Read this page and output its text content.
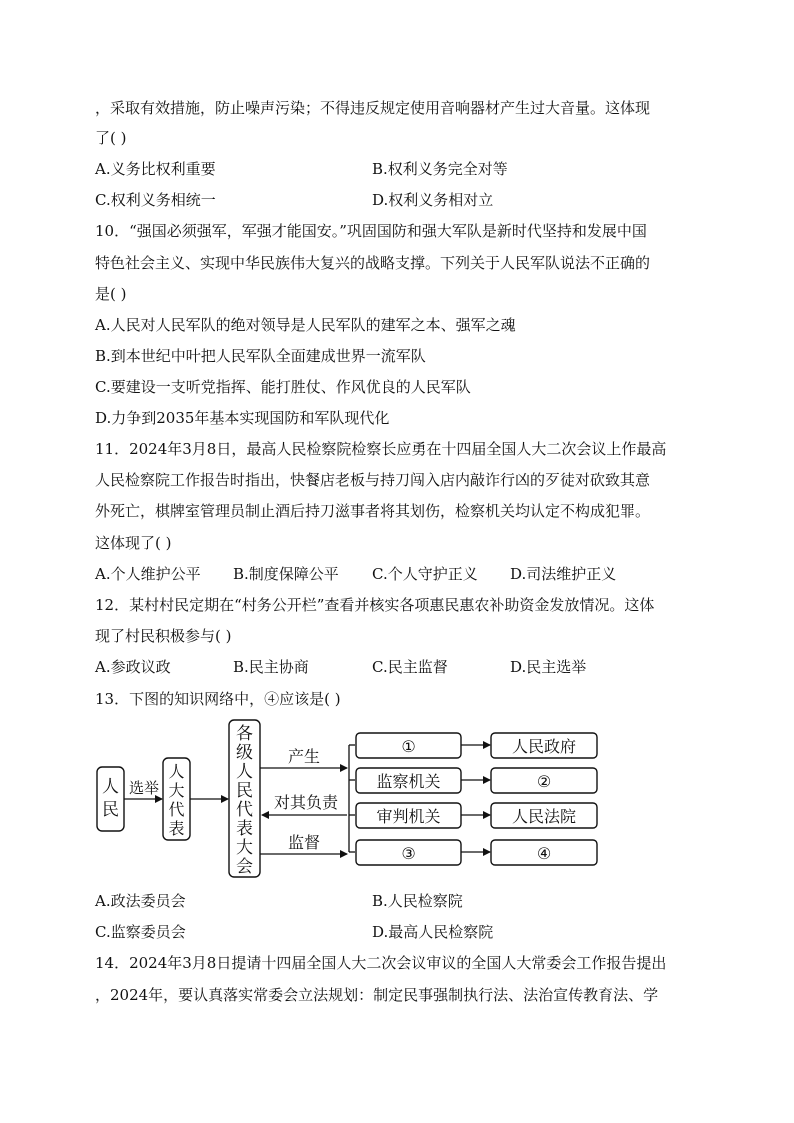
，采取有效措施，防止噪声污染；不得违反规定使用音响器材产生过大音量。这体现
了( )
A.义务比权利重要	B.权利义务完全对等
C.权利义务相统一	D.权利义务相对立
10．“强国必须强军，军强才能国安。”巩固国防和强大军队是新时代坚持和发展中国
特色社会主义、实现中华民族伟大复兴的战略支撑。下列关于人民军队说法不正确的
是( )
A.人民对人民军队的绝对领导是人民军队的建军之本、强军之魂
B.到本世纪中叶把人民军队全面建成世界一流军队
C.要建设一支听党指挥、能打胜仗、作风优良的人民军队
D.力争到2035年基本实现国防和军队现代化
11．2024年3月8日，最高人民检察院检察长应勇在十四届全国人大二次会议上作最高
人民检察院工作报告时指出，快餐店老板与持刀闯入店内敲诈行凶的歹徒对砍致其意
外死亡，棋牌室管理员制止酒后持刀滋事者将其划伤，检察机关均认定不构成犯罪。
这体现了( )
A.个人维护公平 B.制度保障公平 C.个人守护正义 D.司法维护正义
12．某村村民定期在“村务公开栏”查看并核实各项惠民惠农补助资金发放情况。这体
现了村民积极参与( )
A.参政议政	B.民主协商	C.民主监督	D.民主选举
13．下图的知识网络中，④应该是( )
人
民
选举
人
大
代
表
各
级
人
民
代
表
大
会
产生
对其负责
监督
①
监察机关
审判机关
③
人民政府
②
人民法院
④
A.政法委员会	B.人民检察院
C.监察委员会	D.最高人民检察院
14．2024年3月8日提请十四届全国人大二次会议审议的全国人大常委会工作报告提出
，2024年，要认真落实常委会立法规划：制定民事强制执行法、法治宣传教育法、学
